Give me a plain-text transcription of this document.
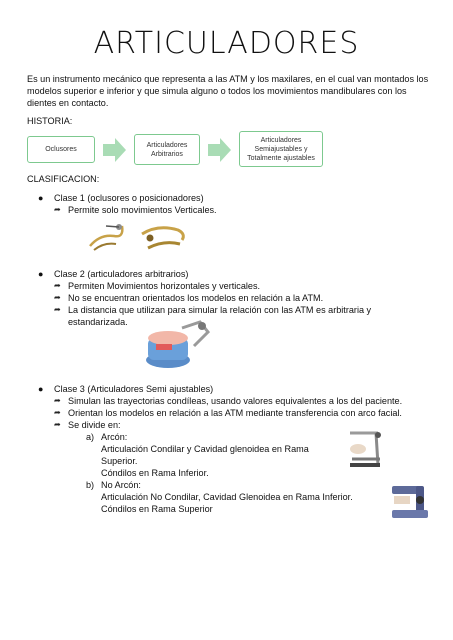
ARTICULADORES
Es un instrumento mecánico que representa a las ATM y los maxilares, en el cual van montados los modelos superior e inferior y que simula alguno o todos los movimientos mandibulares con los dientes en contacto.
HISTORIA:
Oclusores
Articuladores
Arbitrarios
Articuladores
Semiajustables y
Totalmente ajustables
CLASIFICACION:
● Clase 1 (oclusores o posicionadores)
➦ Permite solo movimientos Verticales.
● Clase 2 (articuladores arbitrarios)
➦ Permiten Movimientos horizontales y verticales.
➦ No se encuentran orientados los modelos en relación a la ATM.
➦ La distancia que utilizan para simular la relación con las ATM es arbitraria y
estandarizada.
● Clase 3 (Articuladores Semi ajustables)
➦ Simulan las trayectorias condíleas, usando valores equivalentes a los del paciente.
➦ Orientan los modelos en relación a las ATM mediante transferencia con arco facial.
➦ Se divide en:
a) Arcón:
Articulación Condilar y Cavidad glenoidea en Rama
Superior.
Cóndilos en Rama Inferior.
b) No Arcón:
Articulación No Condilar, Cavidad Glenoidea en Rama Inferior.
Cóndilos en Rama Superior
